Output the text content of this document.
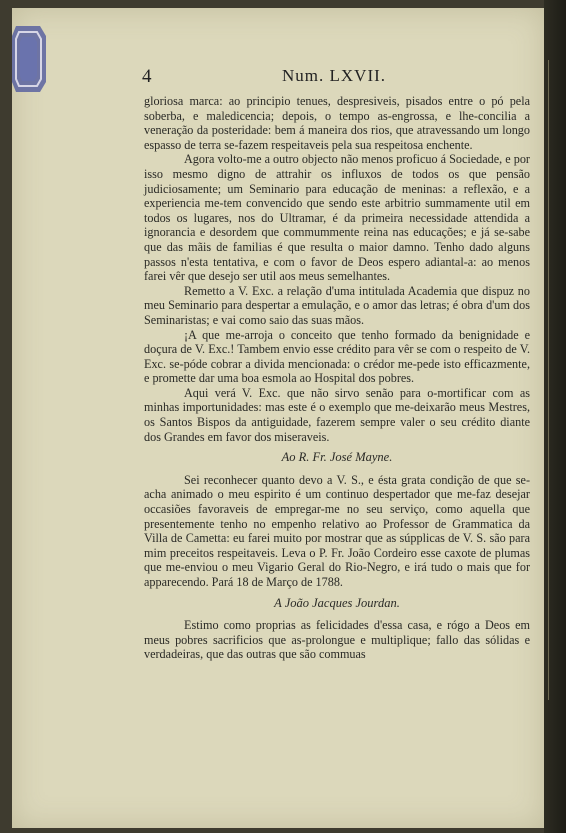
4	Num. LXVII.

gloriosa marca: ao principio tenues, despresiveis, pisados entre o pó pela soberba, e maledicencia; depois, o tempo as-engrossa, e lhe-concilia a veneração da posteridade: bem á maneira dos rios, que atravessando um longo espasso de terra se-fazem respeitaveis pela sua respeitosa enchente.

Agora volto-me a outro objecto não menos proficuo á Sociedade, e por isso mesmo digno de attrahir os influxos de todos os que pensão judiciosamente; um Seminario para educação de meninas: a reflexão, e a experiencia me-tem convencido que sendo este arbitrio summamente util em todos os lugares, nos do Ultramar, é da primeira necessidade attendida a ignorancia e desordem que commummente reina nas educações; e já se-sabe que das mãis de familias é que resulta o maior damno. Tenho dado alguns passos n'esta tentativa, e com o favor de Deos espero adiantal-a: ao menos farei vêr que desejo ser util aos meus semelhantes.

Remetto a V. Exc. a relação d'uma intitulada Academia que dispuz no meu Seminario para despertar a emulação, e o amor das letras; é obra d'um dos Seminaristas; e vai como saio das suas mãos.

¡A que me-arroja o conceito que tenho formado da benignidade e doçura de V. Exc.! Tambem envio esse crédito para vêr se com o respeito de V. Exc. se-póde cobrar a divida mencionada: o crédor me-pede isto efficazmente, e promette dar uma boa esmola ao Hospital dos pobres.

Aqui verá V. Exc. que não sirvo senão para o-mortificar com as minhas importunidades: mas este é o exemplo que me-deixarão meus Mestres, os Santos Bispos da antiguidade, fazerem sempre valer o seu crédito diante dos Grandes em favor dos miseraveis.

Ao R. Fr. José Mayne.

Sei reconhecer quanto devo a V. S., e ésta grata condição de que se-acha animado o meu espirito é um continuo despertador que me-faz desejar occasiões favoraveis de empregar-me no seu serviço, como aquella que presentemente tenho no empenho relativo ao Professor de Grammatica da Villa de Cametta: eu farei muito por mostrar que as súpplicas de V. S. são para mim preceitos respeitaveis. Leva o P. Fr. João Cordeiro esse caxote de plumas que me-enviou o meu Vigario Geral do Rio-Negro, e irá tudo o mais que for apparecendo. Pará 18 de Março de 1788.

A João Jacques Jourdan.

Estimo como proprias as felicidades d'essa casa, e rógo a Deos em meus pobres sacrificios que as-prolongue e multiplique; fallo das sólidas e verdadeiras, que das outras que são commuas
